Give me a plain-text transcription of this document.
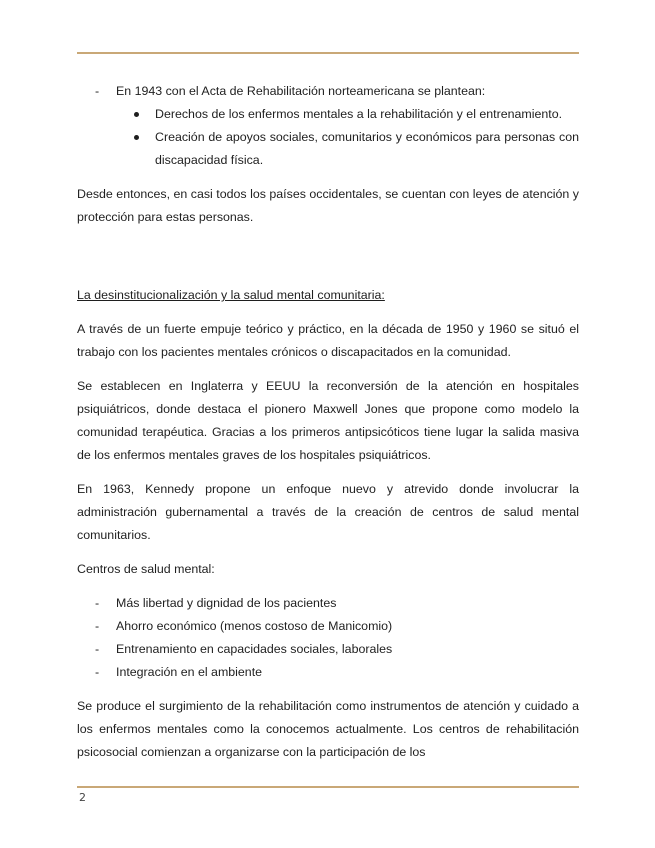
- En 1943 con el Acta de Rehabilitación norteamericana se plantean:
Derechos de los enfermos mentales a la rehabilitación y el entrenamiento.
Creación de apoyos sociales, comunitarios y económicos para personas con discapacidad física.

Desde entonces, en casi todos los países occidentales, se cuentan con leyes de atención y protección para estas personas.

La desinstitucionalización y la salud mental comunitaria:

A través de un fuerte empuje teórico y práctico, en la década de 1950 y 1960 se situó el trabajo con los pacientes mentales crónicos o discapacitados en la comunidad.

Se establecen en Inglaterra y EEUU la reconversión de la atención en hospitales psiquiátricos, donde destaca el pionero Maxwell Jones que propone como modelo la comunidad terapéutica. Gracias a los primeros antipsicóticos tiene lugar la salida masiva de los enfermos mentales graves de los hospitales psiquiátricos.

En 1963, Kennedy propone un enfoque nuevo y atrevido donde involucrar la administración gubernamental a través de la creación de centros de salud mental comunitarios.

Centros de salud mental:

- Más libertad y dignidad de los pacientes
- Ahorro económico (menos costoso de Manicomio)
- Entrenamiento en capacidades sociales, laborales
- Integración en el ambiente

Se produce el surgimiento de la rehabilitación como instrumentos de atención y cuidado a los enfermos mentales como la conocemos actualmente. Los centros de rehabilitación psicosocial comienzan a organizarse con la participación de los

2
